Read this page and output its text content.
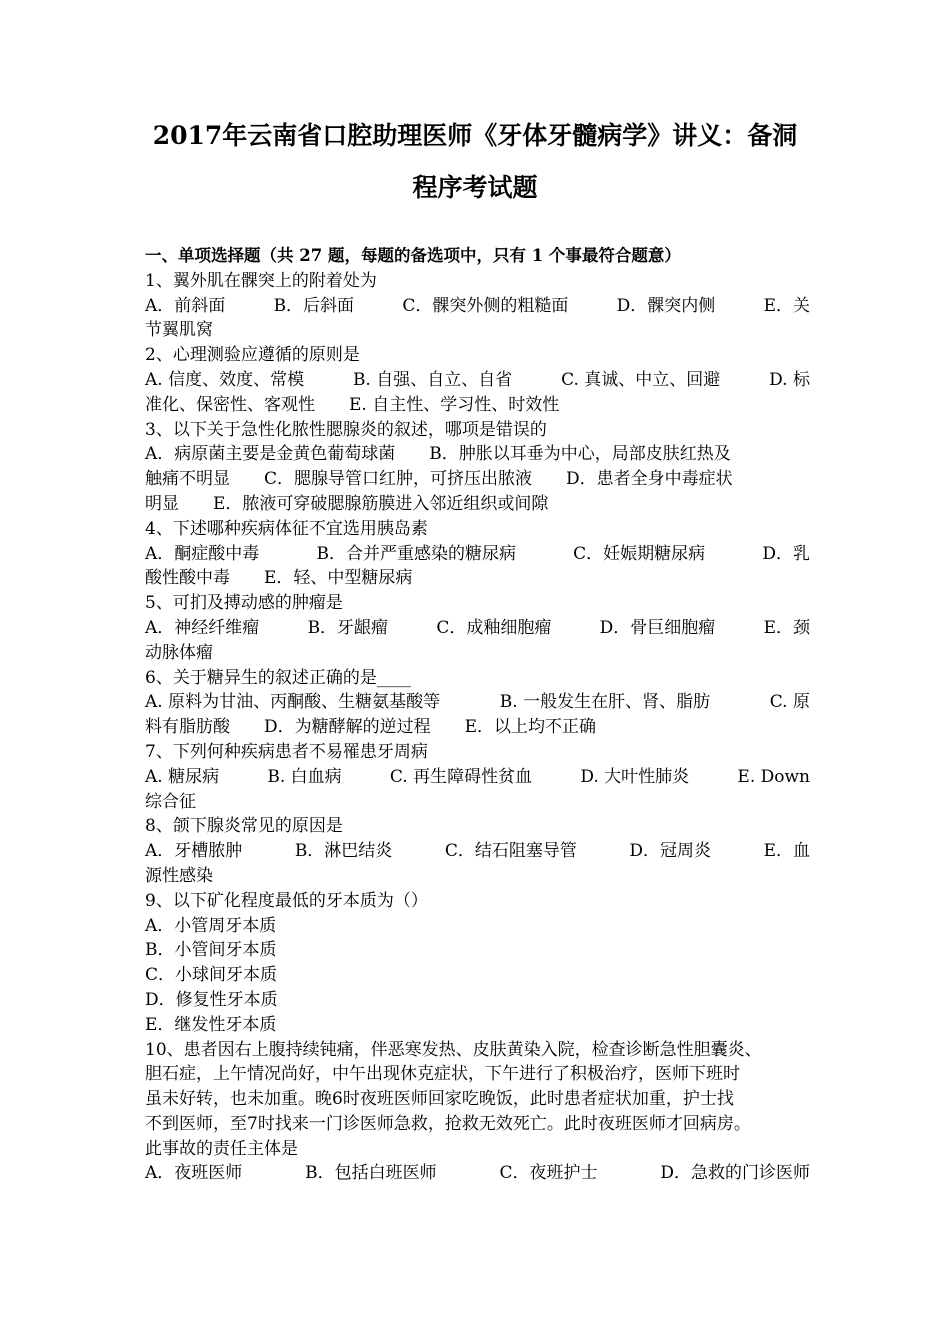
2017年云南省口腔助理医师《牙体牙髓病学》讲义：备洞
程序考试题
一、单项选择题（共 27 题，每题的备选项中，只有 1 个事最符合题意）
1、翼外肌在髁突上的附着处为
A．前斜面	B．后斜面	C．髁突外侧的粗糙面	D．髁突内侧	E．关
节翼肌窝
2、心理测验应遵循的原则是
A. 信度、效度、常模	B. 自强、自立、自省	C. 真诚、中立、回避	D. 标
准化、保密性、客观性 E. 自主性、学习性、时效性
3、以下关于急性化脓性腮腺炎的叙述，哪项是错误的
A．病原菌主要是金黄色葡萄球菌　　B．肿胀以耳垂为中心，局部皮肤红热及
触痛不明显　　C．腮腺导管口红肿，可挤压出脓液　　D．患者全身中毒症状
明显　　E．脓液可穿破腮腺筋膜进入邻近组织或间隙
4、下述哪种疾病体征不宜选用胰岛素
A．酮症酸中毒	B．合并严重感染的糖尿病	C．妊娠期糖尿病	D．乳
酸性酸中毒 E．轻、中型糖尿病
5、可扪及搏动感的肿瘤是
A．神经纤维瘤	B．牙龈瘤	C．成釉细胞瘤	D．骨巨细胞瘤	E．颈
动脉体瘤
6、关于糖异生的叙述正确的是____
A. 原料为甘油、丙酮酸、生糖氨基酸等	B. 一般发生在肝、肾、脂肪	C. 原
料有脂肪酸 D．为糖酵解的逆过程 E．以上均不正确
7、下列何种疾病患者不易罹患牙周病
A. 糖尿病	B. 白血病	C. 再生障碍性贫血	D. 大叶性肺炎	E. Down
综合征
8、颌下腺炎常见的原因是
A．牙槽脓肿	B．淋巴结炎	C．结石阻塞导管	D．冠周炎	E．血
源性感染
9、以下矿化程度最低的牙本质为（）
A．小管周牙本质
B．小管间牙本质
C．小球间牙本质
D．修复性牙本质
E．继发性牙本质
10、患者因右上腹持续钝痛，伴恶寒发热、皮肤黄染入院，检查诊断急性胆囊炎、
胆石症，上午情况尚好，中午出现休克症状，下午进行了积极治疗，医师下班时
虽未好转，也未加重。晚6时夜班医师回家吃晚饭，此时患者症状加重，护士找
不到医师，至7时找来一门诊医师急救，抢救无效死亡。此时夜班医师才回病房。
此事故的责任主体是
A．夜班医师	B．包括白班医师	C．夜班护士	D．急救的门诊医师
